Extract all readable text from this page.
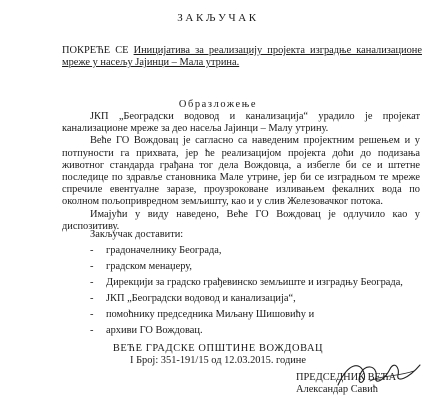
ЗАКЉУЧАК
ПОКРЕЋЕ СЕ Иницијатива за реализацију пројекта изградње канализационе мреже у насељу Јајинци – Мала утрина.
Образложење

ЈКП „Београдски водовод и канализација“ урадило је пројекат канализационе мреже за део насеља Јајинци – Малу утрину.

Веће ГО Вождовац је сагласно са наведеним пројектним решењем и у потпуности га прихвата, јер ће реализацијом пројекта доћи до подизања животног стандарда грађана тог дела Вождовца, а избегле би се и штетне последице по здравље становника Мале утрине, јер би се изградњом те мреже спречиле евентуалне заразе, проузроковане изливањем фекалних вода по околном пољопривредном земљишту, као и у слив Железовачког потока.

Имајући у виду наведено, Веће ГО Вождовац је одлучило као у диспозитиву.

Закључак доставити:

- градоначелнику Београда,
- градском менаџеру,
- Дирекцији за градско грађевинско земљиште и изградњу Београда,
- ЈКП „Београдски водовод и канализација“,
- помоћнику председника Миљану Шишовићу и
- архиви ГО Вождовац.
ВЕЋЕ ГРАДСКЕ ОПШТИНЕ ВОЖДОВАЦ
I Број: 351-191/15 од 12.03.2015. године
ПРЕДСЕДНИК ВЕЋА
Александар Савић
